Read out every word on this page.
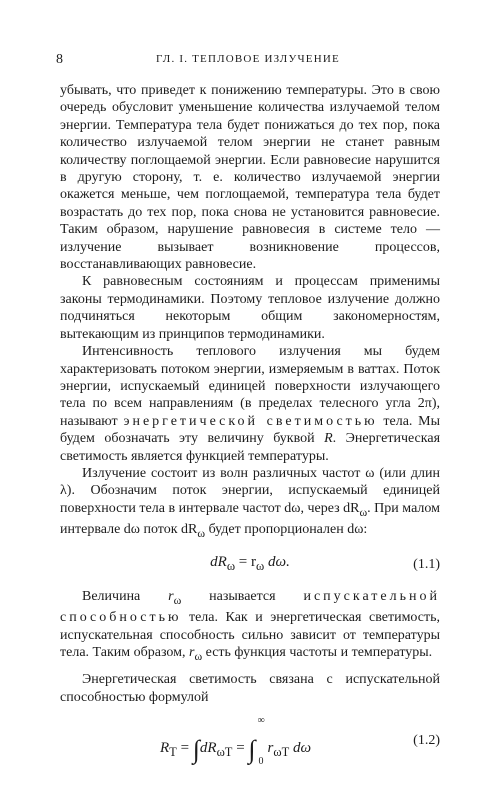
8	ГЛ. I. ТЕПЛОВОЕ ИЗЛУЧЕНИЕ

убывать, что приведет к понижению температуры. Это в свою очередь обусловит уменьшение количества излучаемой телом энергии. Температура тела будет понижаться до тех пор, пока количество излучаемой телом энергии не станет равным количеству поглощаемой энергии. Если равновесие нарушится в другую сторону, т. е. количество излучаемой энергии окажется меньше, чем поглощаемой, температура тела будет возрастать до тех пор, пока снова не установится равновесие. Таким образом, нарушение равновесия в системе тело — излучение вызывает возникновение процессов, восстанавливающих равновесие.

К равновесным состояниям и процессам применимы законы термодинамики. Поэтому тепловое излучение должно подчиняться некоторым общим закономерностям, вытекающим из принципов термодинамики.

Интенсивность теплового излучения мы будем характеризовать потоком энергии, измеряемым в ваттах. Поток энергии, испускаемый единицей поверхности излучающего тела по всем направлениям (в пределах телесного угла 2π), называют энергетической светимостью тела. Мы будем обозначать эту величину буквой R. Энергетическая светимость является функцией температуры.

Излучение состоит из волн различных частот ω (или длин λ). Обозначим поток энергии, испускаемый единицей поверхности тела в интервале частот dω, через $dR_\omega$. При малом интервале dω поток $dR_\omega$ будет пропорционален dω:

$dR_\omega = r_\omega$ dω.	(1.1)

Величина $r_\omega$ называется испускательной способностью тела. Как и энергетическая светимость, испускательная способность сильно зависит от температуры тела. Таким образом, $r_\omega$ есть функция частоты и температуры.

Энергетическая светимость связана с испускательной способностью формулой

$R_T = \int dR_{\omega T}$ = ∫
∞
0
$r_{\omega T}$ dω	(1.2)
